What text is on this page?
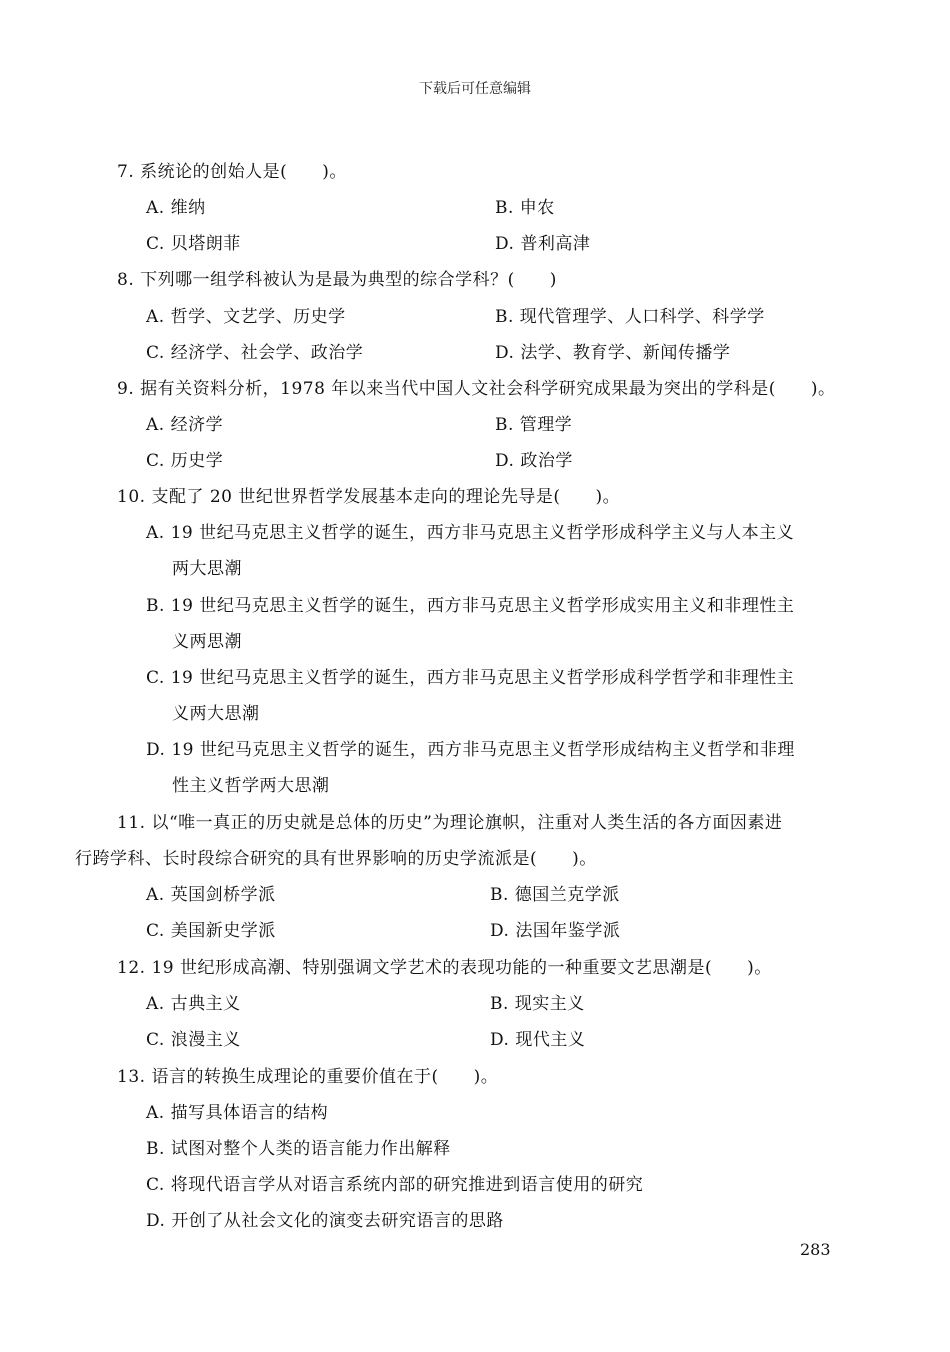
下载后可任意编辑
7. 系统论的创始人是(　　)。
A. 维纳	B. 申农
C. 贝塔朗菲	D. 普利高津
8. 下列哪一组学科被认为是最为典型的综合学科？(　　)
A. 哲学、文艺学、历史学	B. 现代管理学、人口科学、科学学
C. 经济学、社会学、政治学	D. 法学、教育学、新闻传播学
9. 据有关资料分析，1978 年以来当代中国人文社会科学研究成果最为突出的学科是(　　)。
A. 经济学	B. 管理学
C. 历史学	D. 政治学
10. 支配了 20 世纪世界哲学发展基本走向的理论先导是(　　)。
A. 19 世纪马克思主义哲学的诞生，西方非马克思主义哲学形成科学主义与人本主义
两大思潮
B. 19 世纪马克思主义哲学的诞生，西方非马克思主义哲学形成实用主义和非理性主
义两思潮
C. 19 世纪马克思主义哲学的诞生，西方非马克思主义哲学形成科学哲学和非理性主
义两大思潮
D. 19 世纪马克思主义哲学的诞生，西方非马克思主义哲学形成结构主义哲学和非理
性主义哲学两大思潮
11. 以“唯一真正的历史就是总体的历史”为理论旗帜，注重对人类生活的各方面因素进
行跨学科、长时段综合研究的具有世界影响的历史学流派是(　　)。
A. 英国剑桥学派	B. 德国兰克学派
C. 美国新史学派	D. 法国年鉴学派
12. 19 世纪形成高潮、特别强调文学艺术的表现功能的一种重要文艺思潮是(　　)。
A. 古典主义	B. 现实主义
C. 浪漫主义	D. 现代主义
13. 语言的转换生成理论的重要价值在于(　　)。
A. 描写具体语言的结构
B. 试图对整个人类的语言能力作出解释
C. 将现代语言学从对语言系统内部的研究推进到语言使用的研究
D. 开创了从社会文化的演变去研究语言的思路
283
